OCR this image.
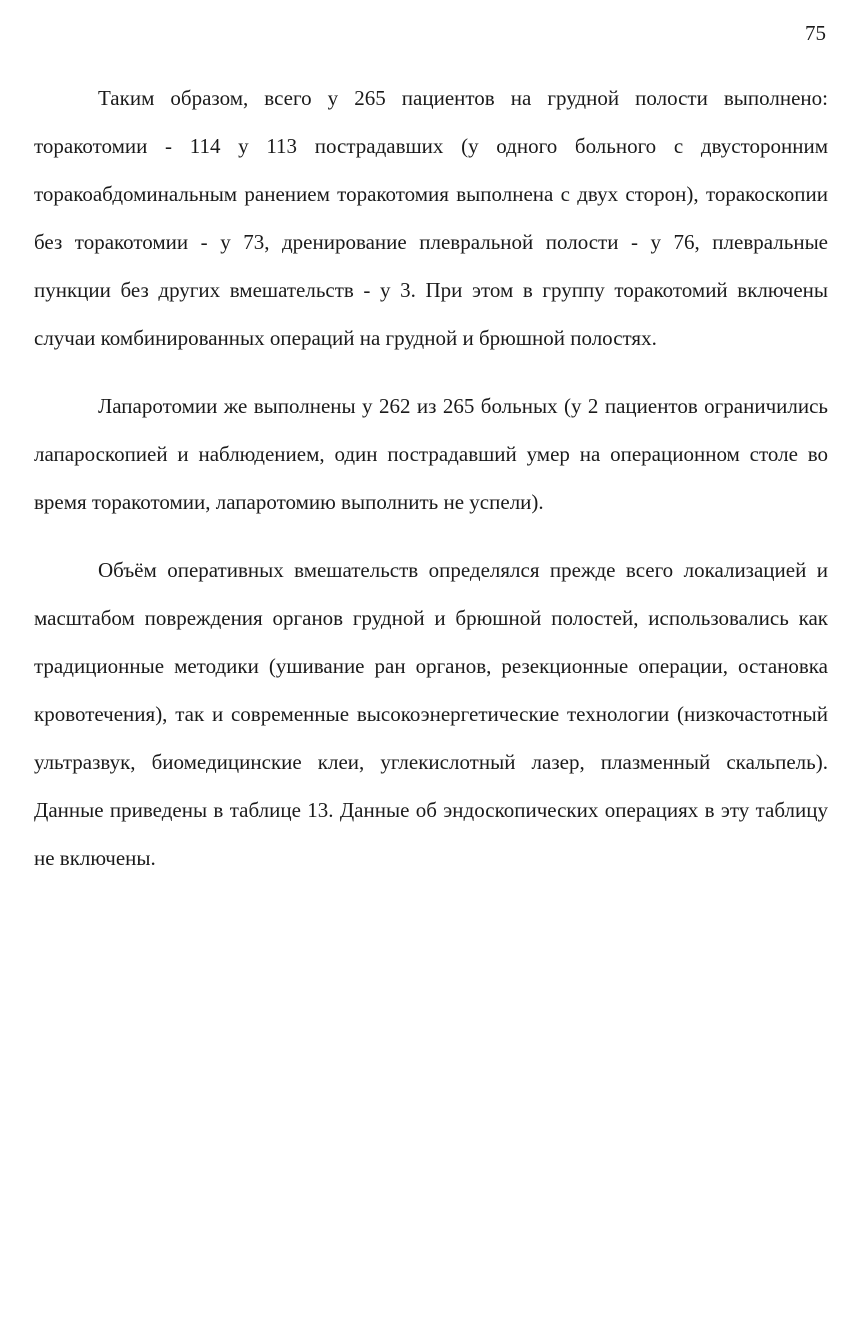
75

Таким образом, всего у 265 пациентов на грудной полости выполнено: торакотомии - 114 у 113 пострадавших (у одного больного с двусторонним торакоабдоминальным ранением торакотомия выполнена с двух сторон), торакоскопии без торакотомии - у 73, дренирование плевральной полости - у 76, плевральные пункции без других вмешательств - у 3. При этом в группу торакотомий включены случаи комбинированных операций на грудной и брюшной полостях.

Лапаротомии же выполнены у 262 из 265 больных (у 2 пациентов ограничились лапароскопией и наблюдением, один пострадавший умер на операционном столе во время торакотомии, лапаротомию выполнить не успели).

Объём оперативных вмешательств определялся прежде всего локализацией и масштабом повреждения органов грудной и брюшной полостей, использовались как традиционные методики (ушивание ран органов, резекционные операции, остановка кровотечения), так и современные высокоэнергетические технологии (низкочастотный ультразвук, биомедицинские клеи, углекислотный лазер, плазменный скальпель). Данные приведены в таблице 13. Данные об эндоскопических операциях в эту таблицу не включены.
